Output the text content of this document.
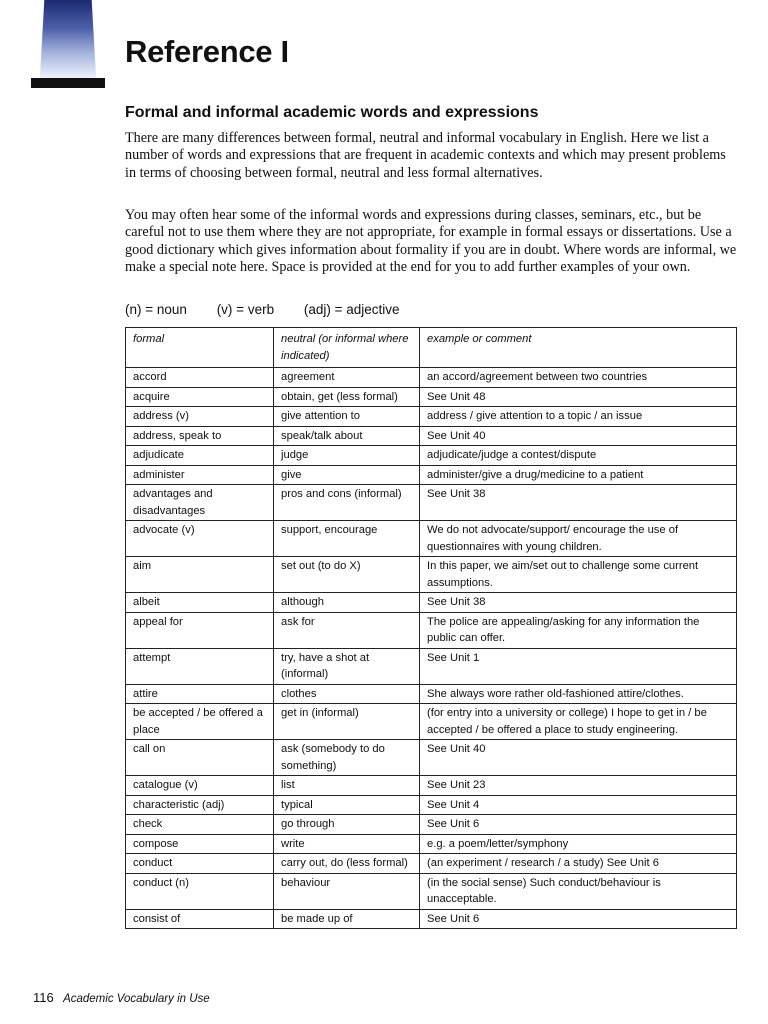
Reference I
Formal and informal academic words and expressions

There are many differences between formal, neutral and informal vocabulary in English. Here we list a number of words and expressions that are frequent in academic contexts and which may present problems in terms of choosing between formal, neutral and less formal alternatives.

You may often hear some of the informal words and expressions during classes, seminars, etc., but be careful not to use them where they are not appropriate, for example in formal essays or dissertations. Use a good dictionary which gives information about formality if you are in doubt. Where words are informal, we make a special note here. Space is provided at the end for you to add further examples of your own.

(n) = noun (v) = verb (adj) = adjective
formal	neutral (or informal where indicated)	example or comment
accord	agreement	an accord/agreement between two countries
acquire	obtain, get (less formal)	See Unit 48
address (v)	give attention to	address / give attention to a topic / an issue
address, speak to	speak/talk about	See Unit 40
adjudicate	judge	adjudicate/judge a contest/dispute
administer	give	administer/give a drug/medicine to a patient
advantages and disadvantages	pros and cons (informal)	See Unit 38
advocate (v)	support, encourage	We do not advocate/support/ encourage the use of questionnaires with young children.
aim	set out (to do X)	In this paper, we aim/set out to challenge some current assumptions.
albeit	although	See Unit 38
appeal for	ask for	The police are appealing/asking for any information the public can offer.
attempt	try, have a shot at (informal)	See Unit 1
attire	clothes	She always wore rather old-fashioned attire/clothes.
be accepted / be offered a place	get in (informal)	(for entry into a university or college) I hope to get in / be accepted / be offered a place to study engineering.
call on	ask (somebody to do something)	See Unit 40
catalogue (v)	list	See Unit 23
characteristic (adj)	typical	See Unit 4
check	go through	See Unit 6
compose	write	e.g. a poem/letter/symphony
conduct	carry out, do (less formal)	(an experiment / research / a study) See Unit 6
conduct (n)	behaviour	(in the social sense) Such conduct/behaviour is unacceptable.
consist of	be made up of	See Unit 6
116 Academic Vocabulary in Use
